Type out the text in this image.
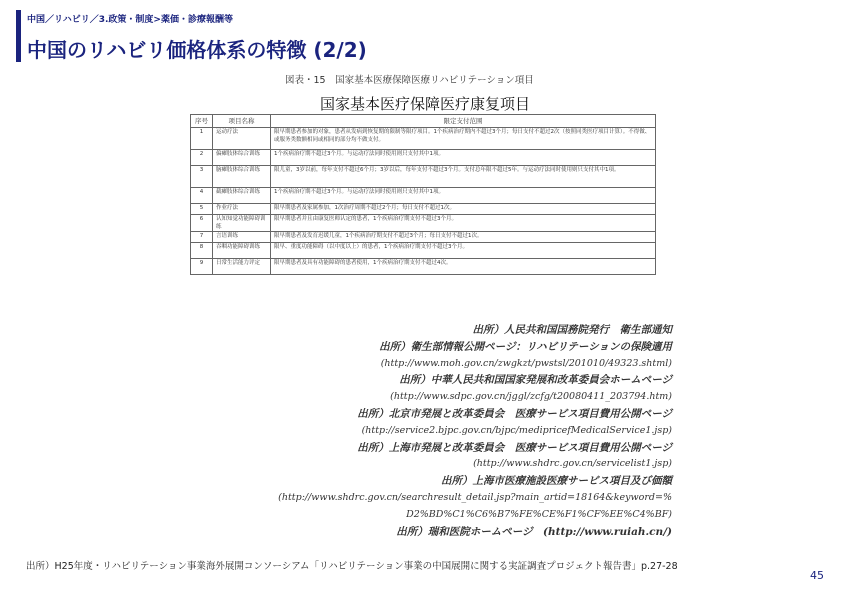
中国／リハビリ／3.政策・制度>薬価・診療報酬等
中国のリハビリ価格体系の特徴 (2/2)
図表・15　国家基本医療保障医療リハビリテーション項目
国家基本医疗保障医疗康复项目
序号	项目名称	限定支付范围
1	运动疗法	限早期患者参加的对象，患者从发病到恢复期的限制等限疗项目。1个疾病治疗期内不超过3个月；每日支付不超过2次（按照同类医疗项目计算）。不得做、或服务类数额相同或相同的部分均不做支付。
2	偏瘫肢体综合训练	1个疾病治疗期不超过3个月。与运动疗法同时使用则只支付其中1项。
3	脑瘫肢体综合训练	限儿童，3岁以前，每年支付不超过6个月；3岁以后，每年支付不超过3个月。支付总年限不超过5年。与运动疗法同时使用则只支付其中1项。
4	截瘫肢体综合训练	1个疾病治疗期不超过3个月。与运动疗法同时使用则只支付其中1项。
5	作业疗法	限早期患者及家属参加，1次治疗周期不超过2个月；每日支付不超过1次。
6	认知知觉功能障碍训练	限早期患者并且由康复医师认定的患者，1个疾病治疗期支付不超过3个月。
7	言语训练	限早期患者及发育迟缓儿童，1个疾病治疗期支付不超过3个月；每日支付不超过1次。
8	吞咽功能障碍训练	限早、重度功能障碍（以中度以上）的患者，1个疾病治疗期支付不超过3个月。
9	日常生活能力评定	限早期患者及具有功能障碍的患者使用，1个疾病治疗期支付不超过4次。
出所）人民共和国国務院発行　衛生部通知
出所）衛生部情報公開ページ：リハビリテーションの保険適用
(http://www.moh.gov.cn/zwgkzt/pwstsl/201010/49323.shtml)
出所）中華人民共和国国家発展和改革委員会ホームページ
(http://www.sdpc.gov.cn/jggl/zcfg/t20080411_203794.htm)
出所）北京市発展と改革委員会　医療サービス項目費用公開ページ
(http://service2.bjpc.gov.cn/bjpc/medipricefMedicalService1.jsp)
出所）上海市発展と改革委員会　医療サービス項目費用公開ページ
(http://www.shdrc.gov.cn/servicelist1.jsp)
出所）上海市医療施設医療サービス項目及び価額
(http://www.shdrc.gov.cn/searchresult_detail.jsp?main_artid=18164&keyword=%
D2%BD%C1%C6%B7%FE%CE%F1%CF%EE%C4%BF)
出所）瑞和医院ホームページ　(http://www.ruiah.cn/)
出所）H25年度・リハビリテーション事業海外展開コンソーシアム「リハビリテーション事業の中国展開に関する実証調査プロジェクト報告書」p.27-28
45
